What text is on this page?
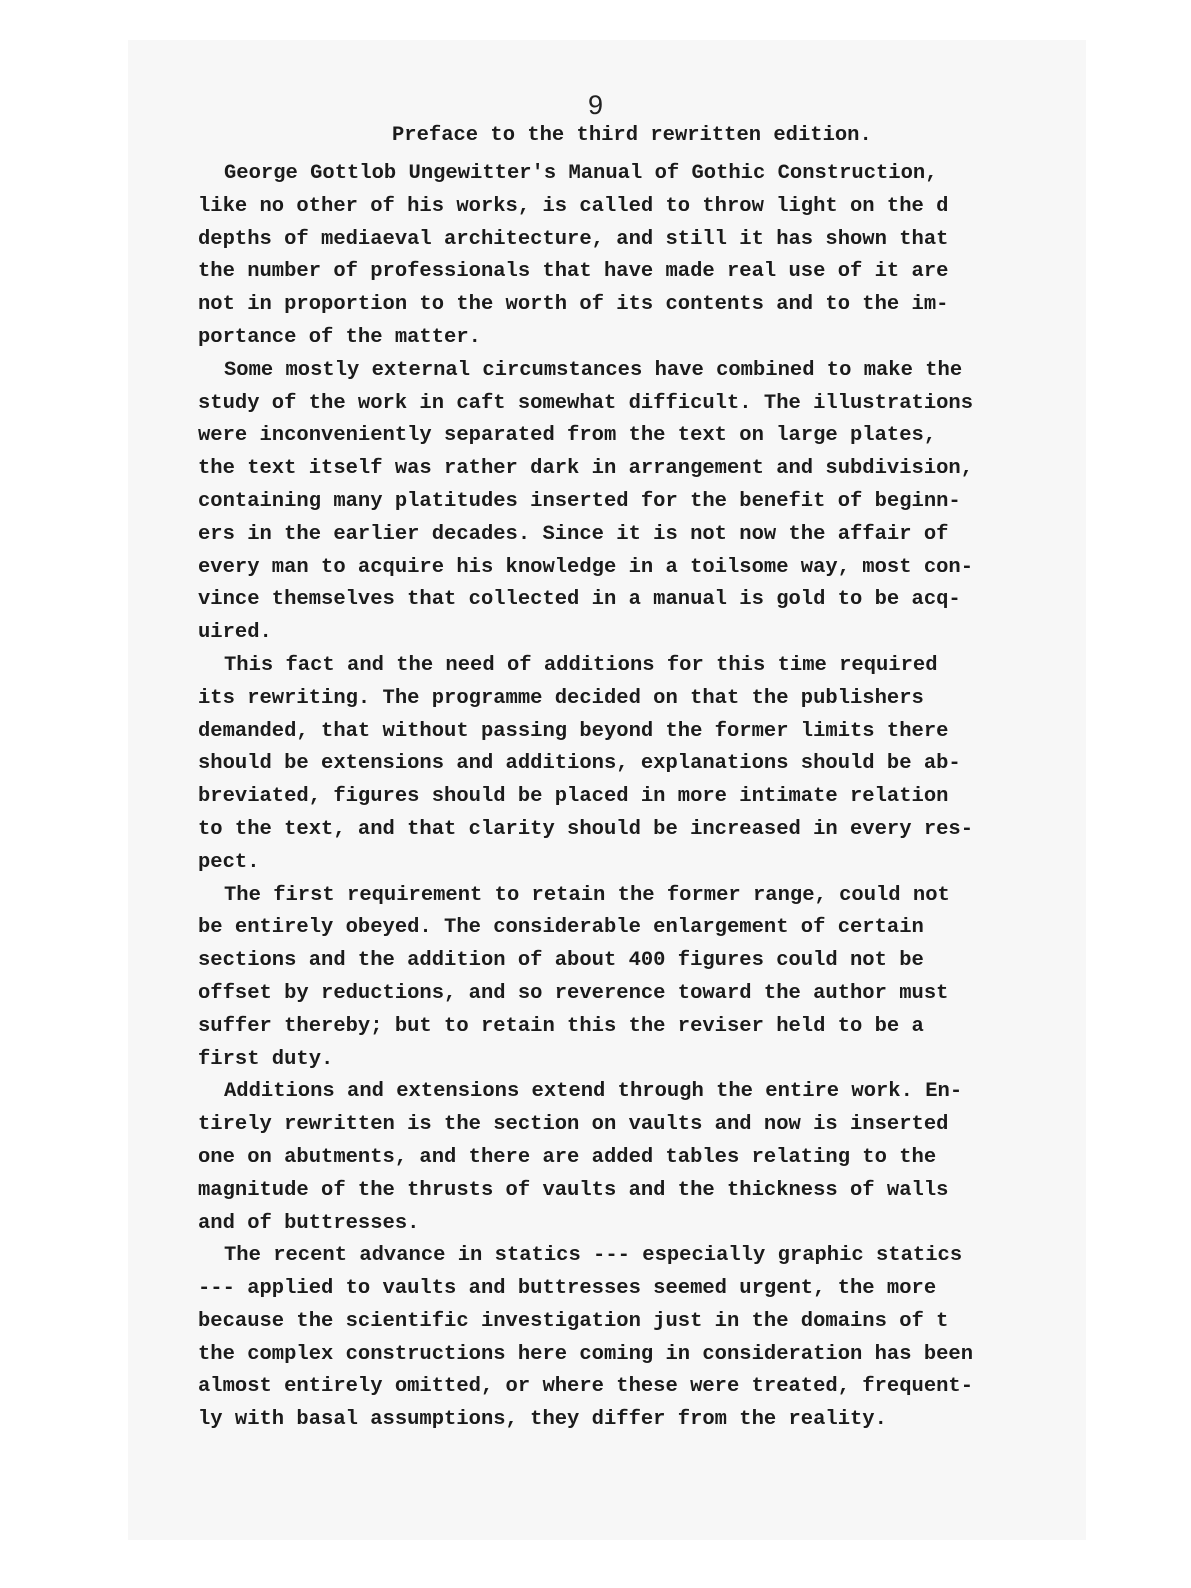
9
Preface to the third rewritten edition.
George Gottlob Ungewitter's Manual of Gothic Construction,
like no other of his works, is called to throw light on the d
depths of mediaeval architecture, and still it has shown that
the number of professionals that have made real use of it are
not in proportion to the worth of its contents and to the im-
portance of the matter.
Some mostly external circumstances have combined to make the
study of the work in caft somewhat difficult. The illustrations
were inconveniently separated from the text on large plates,
the text itself was rather dark in arrangement and subdivision,
containing many platitudes inserted for the benefit of beginn-
ers in the earlier decades. Since it is not now the affair of
every man to acquire his knowledge in a toilsome way, most con-
vince themselves that collected in a manual is gold to be acq-
uired.
This fact and the need of additions for this time required
its rewriting. The programme decided on that the publishers
demanded, that without passing beyond the former limits there
should be extensions and additions, explanations should be ab-
breviated, figures should be placed in more intimate relation
to the text, and that clarity should be increased in every res-
pect.
The first requirement to retain the former range, could not
be entirely obeyed. The considerable enlargement of certain
sections and the addition of about 400 figures could not be
offset by reductions, and so reverence toward the author must
suffer thereby; but to retain this the reviser held to be a
first duty.
Additions and extensions extend through the entire work. En-
tirely rewritten is the section on vaults and now is inserted
one on abutments, and there are added tables relating to the
magnitude of the thrusts of vaults and the thickness of walls
and of buttresses.
The recent advance in statics --- especially graphic statics
--- applied to vaults and buttresses seemed urgent, the more
because the scientific investigation just in the domains of t
the complex constructions here coming in consideration has been
almost entirely omitted, or where these were treated, frequent-
ly with basal assumptions, they differ from the reality.
